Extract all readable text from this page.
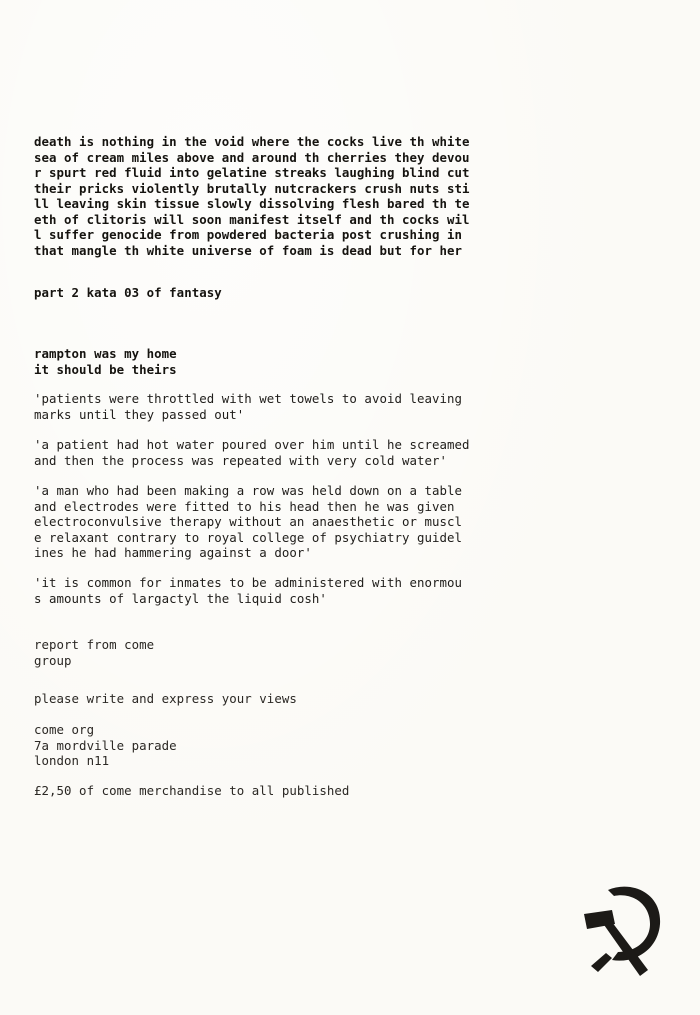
death is nothing in the void where the cocks live th white
sea of cream miles above and around th cherries they devou
r spurt red fluid into gelatine streaks laughing blind cut
their pricks violently brutally nutcrackers crush nuts sti
ll leaving skin tissue slowly dissolving flesh bared th te
eth of clitoris will soon manifest itself and th cocks wil
l suffer genocide from powdered bacteria post crushing in
that mangle th white universe of foam is dead but for her
part 2 kata 03 of fantasy
rampton was my home
it should be theirs
'patients were throttled with wet towels to avoid leaving
marks until they passed out'
'a patient had hot water poured over him until he screamed
and then the process was repeated with very cold water'
'a man who had been making a row was held down on a table
and electrodes were fitted to his head then he was given
electroconvulsive therapy without an anaesthetic or muscl
e relaxant contrary to royal college of psychiatry guidel
ines he had hammering against a door'
'it is common for inmates to be administered with enormou
s amounts of largactyl the liquid cosh'
report from come
group
please write and express your views
come org
7a mordville parade
london n11
£2,50 of come merchandise to all published
